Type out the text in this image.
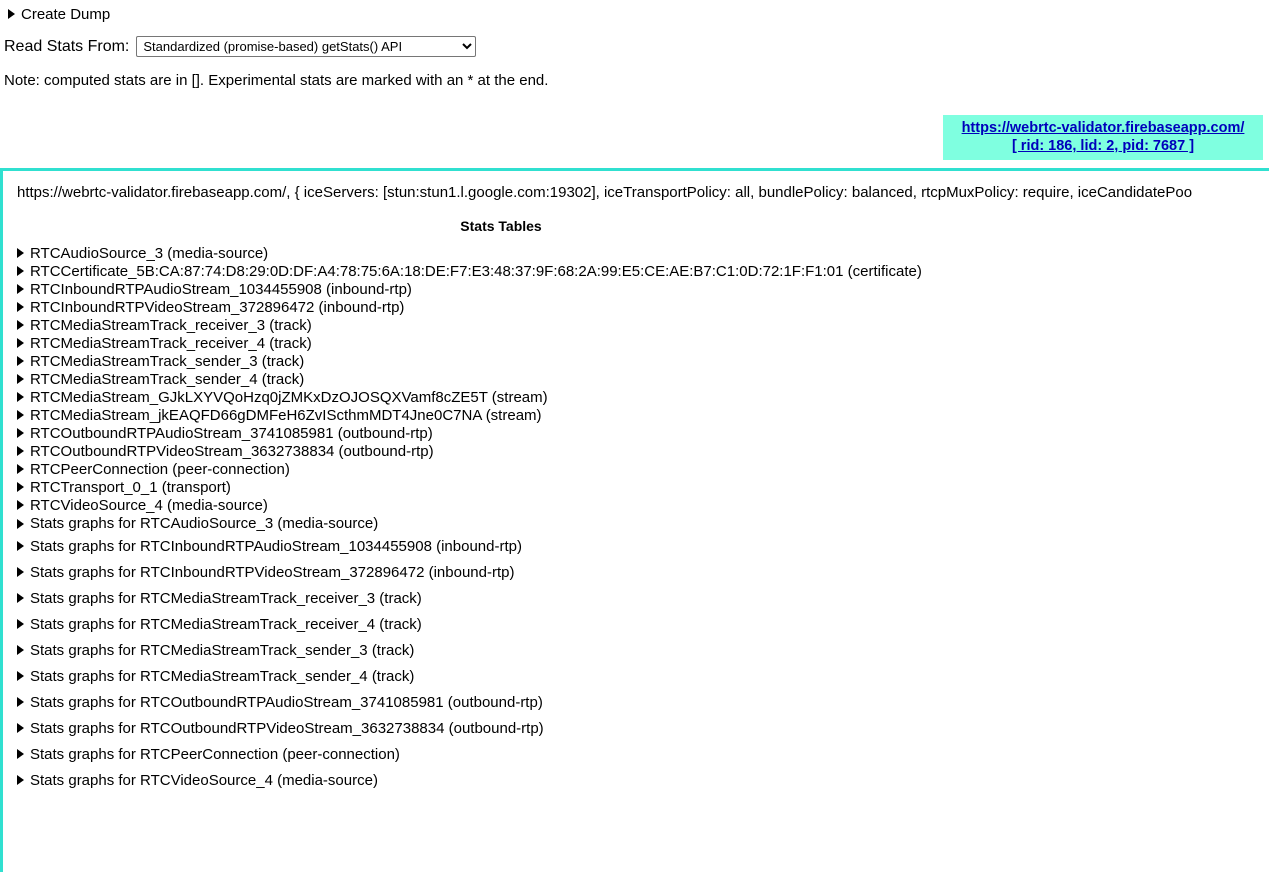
Create Dump
Read Stats From:
Standardized (promise-based) getStats() API
Note: computed stats are in []. Experimental stats are marked with an * at the end.
https://webrtc-validator.firebaseapp.com/
[ rid: 186, lid: 2, pid: 7687 ]
https://webrtc-validator.firebaseapp.com/, { iceServers: [stun:stun1.l.google.com:19302], iceTransportPolicy: all, bundlePolicy: balanced, rtcpMuxPolicy: require, iceCandidatePoo
Stats Tables
RTCAudioSource_3 (media-source)
RTCCertificate_5B:CA:87:74:D8:29:0D:DF:A4:78:75:6A:18:DE:F7:E3:48:37:9F:68:2A:99:E5:CE:AE:B7:C1:0D:72:1F:F1:01 (certificate)
RTCInboundRTPAudioStream_1034455908 (inbound-rtp)
RTCInboundRTPVideoStream_372896472 (inbound-rtp)
RTCMediaStreamTrack_receiver_3 (track)
RTCMediaStreamTrack_receiver_4 (track)
RTCMediaStreamTrack_sender_3 (track)
RTCMediaStreamTrack_sender_4 (track)
RTCMediaStream_GJkLXYVQoHzq0jZMKxDzOJOSQXVamf8cZE5T (stream)
RTCMediaStream_jkEAQFD66gDMFeH6ZvIScthmMDT4Jne0C7NA (stream)
RTCOutboundRTPAudioStream_3741085981 (outbound-rtp)
RTCOutboundRTPVideoStream_3632738834 (outbound-rtp)
RTCPeerConnection (peer-connection)
RTCTransport_0_1 (transport)
RTCVideoSource_4 (media-source)
Stats graphs for RTCAudioSource_3 (media-source)
Stats graphs for RTCInboundRTPAudioStream_1034455908 (inbound-rtp)
Stats graphs for RTCInboundRTPVideoStream_372896472 (inbound-rtp)
Stats graphs for RTCMediaStreamTrack_receiver_3 (track)
Stats graphs for RTCMediaStreamTrack_receiver_4 (track)
Stats graphs for RTCMediaStreamTrack_sender_3 (track)
Stats graphs for RTCMediaStreamTrack_sender_4 (track)
Stats graphs for RTCOutboundRTPAudioStream_3741085981 (outbound-rtp)
Stats graphs for RTCOutboundRTPVideoStream_3632738834 (outbound-rtp)
Stats graphs for RTCPeerConnection (peer-connection)
Stats graphs for RTCVideoSource_4 (media-source)
